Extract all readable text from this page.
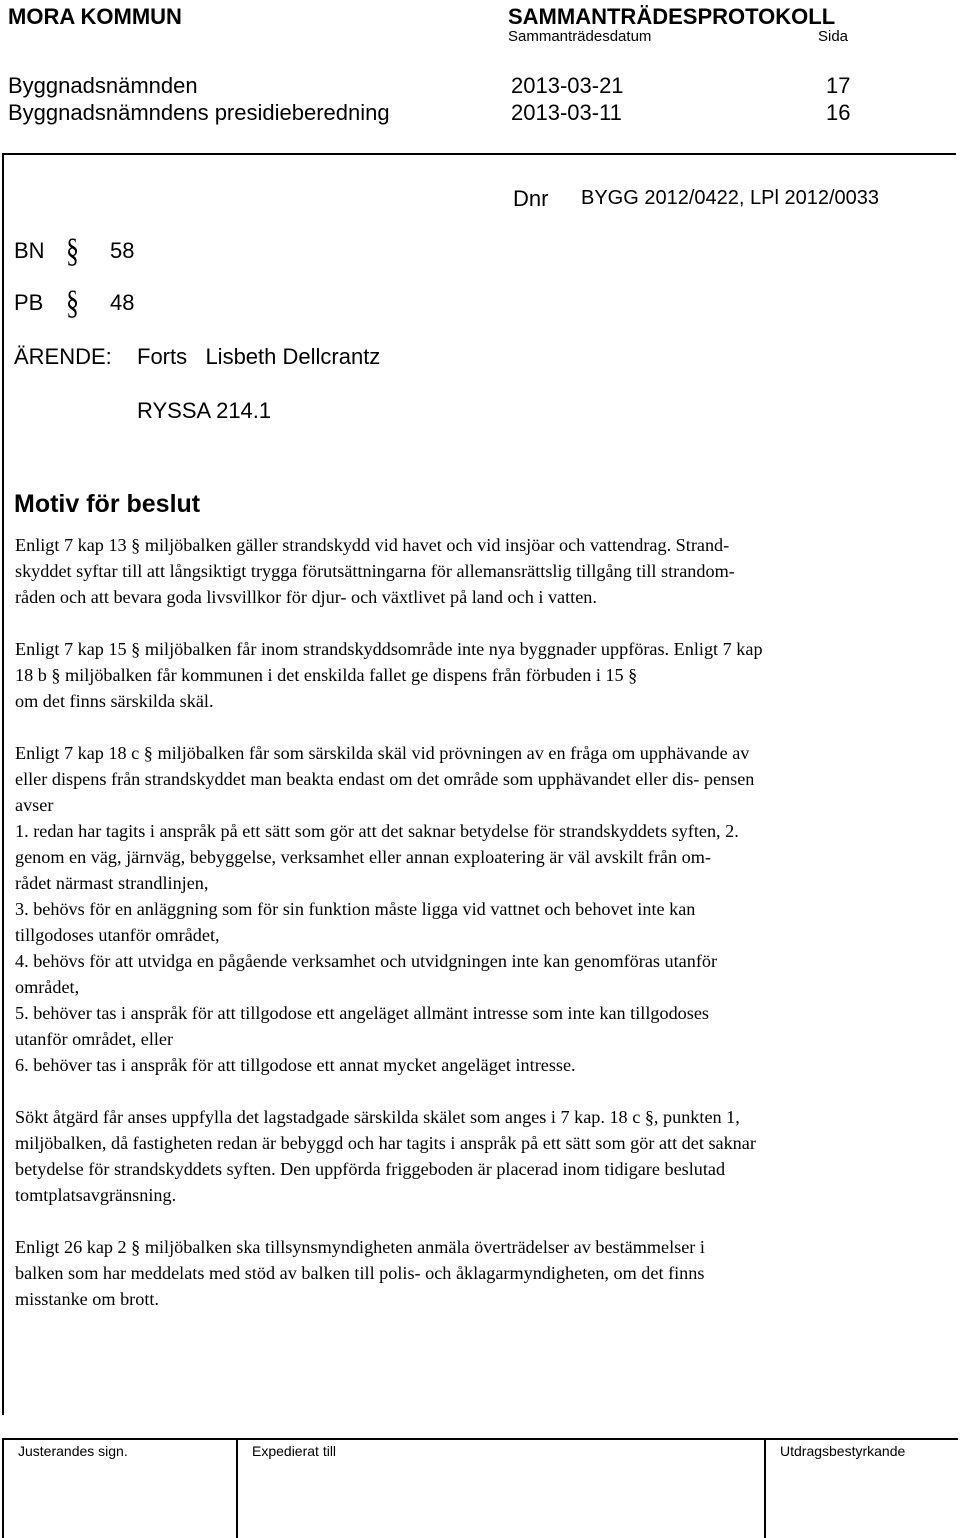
MORA KOMMUN	SAMMANTRÄDESPROTOKOLL
Sammanträdesdatum	Sida
Byggnadsnämnden	2013-03-21	17
Byggnadsnämndens presidieberedning	2013-03-11	16
Dnr BYGG 2012/0422, LPl 2012/0033
BN § 58
PB § 48
ÄRENDE: Forts   Lisbeth Dellcrantz
RYSSA 214.1
Motiv för beslut

Enligt 7 kap 13 § miljöbalken gäller strandskydd vid havet och vid insjöar och vattendrag. Strand-

skyddet syftar till att långsiktigt trygga förutsättningarna för allemansrättslig tillgång till strandom-

råden och att bevara goda livsvillkor för djur- och växtlivet på land och i vatten.

Enligt 7 kap 15 § miljöbalken får inom strandskyddsområde inte nya byggnader uppföras. Enligt 7 kap

18 b § miljöbalken får kommunen i det enskilda fallet ge dispens från förbuden i 15 §

om det finns särskilda skäl.

Enligt 7 kap 18 c § miljöbalken får som särskilda skäl vid prövningen av en fråga om upphävande av

eller dispens från strandskyddet man beakta endast om det område som upphävandet eller dis- pensen

avser

1. redan har tagits i anspråk på ett sätt som gör att det saknar betydelse för strandskyddets syften, 2.

genom en väg, järnväg, bebyggelse, verksamhet eller annan exploatering är väl avskilt från om-

rådet närmast strandlinjen,

3. behövs för en anläggning som för sin funktion måste ligga vid vattnet och behovet inte kan

tillgodoses utanför området,

4. behövs för att utvidga en pågående verksamhet och utvidgningen inte kan genomföras utanför

området,

5. behöver tas i anspråk för att tillgodose ett angeläget allmänt intresse som inte kan tillgodoses

utanför området, eller

6. behöver tas i anspråk för att tillgodose ett annat mycket angeläget intresse.

Sökt åtgärd får anses uppfylla det lagstadgade särskilda skälet som anges i 7 kap. 18 c §, punkten 1,

miljöbalken, då fastigheten redan är bebyggd och har tagits i anspråk på ett sätt som gör att det saknar

betydelse för strandskyddets syften. Den uppförda friggeboden är placerad inom tidigare beslutad

tomtplatsavgränsning.

Enligt 26 kap 2 § miljöbalken ska tillsynsmyndigheten anmäla överträdelser av bestämmelser i

balken som har meddelats med stöd av balken till polis- och åklagarmyndigheten, om det finns

misstanke om brott.

Justerandes sign.	Expedierat till	Utdragsbestyrkande
